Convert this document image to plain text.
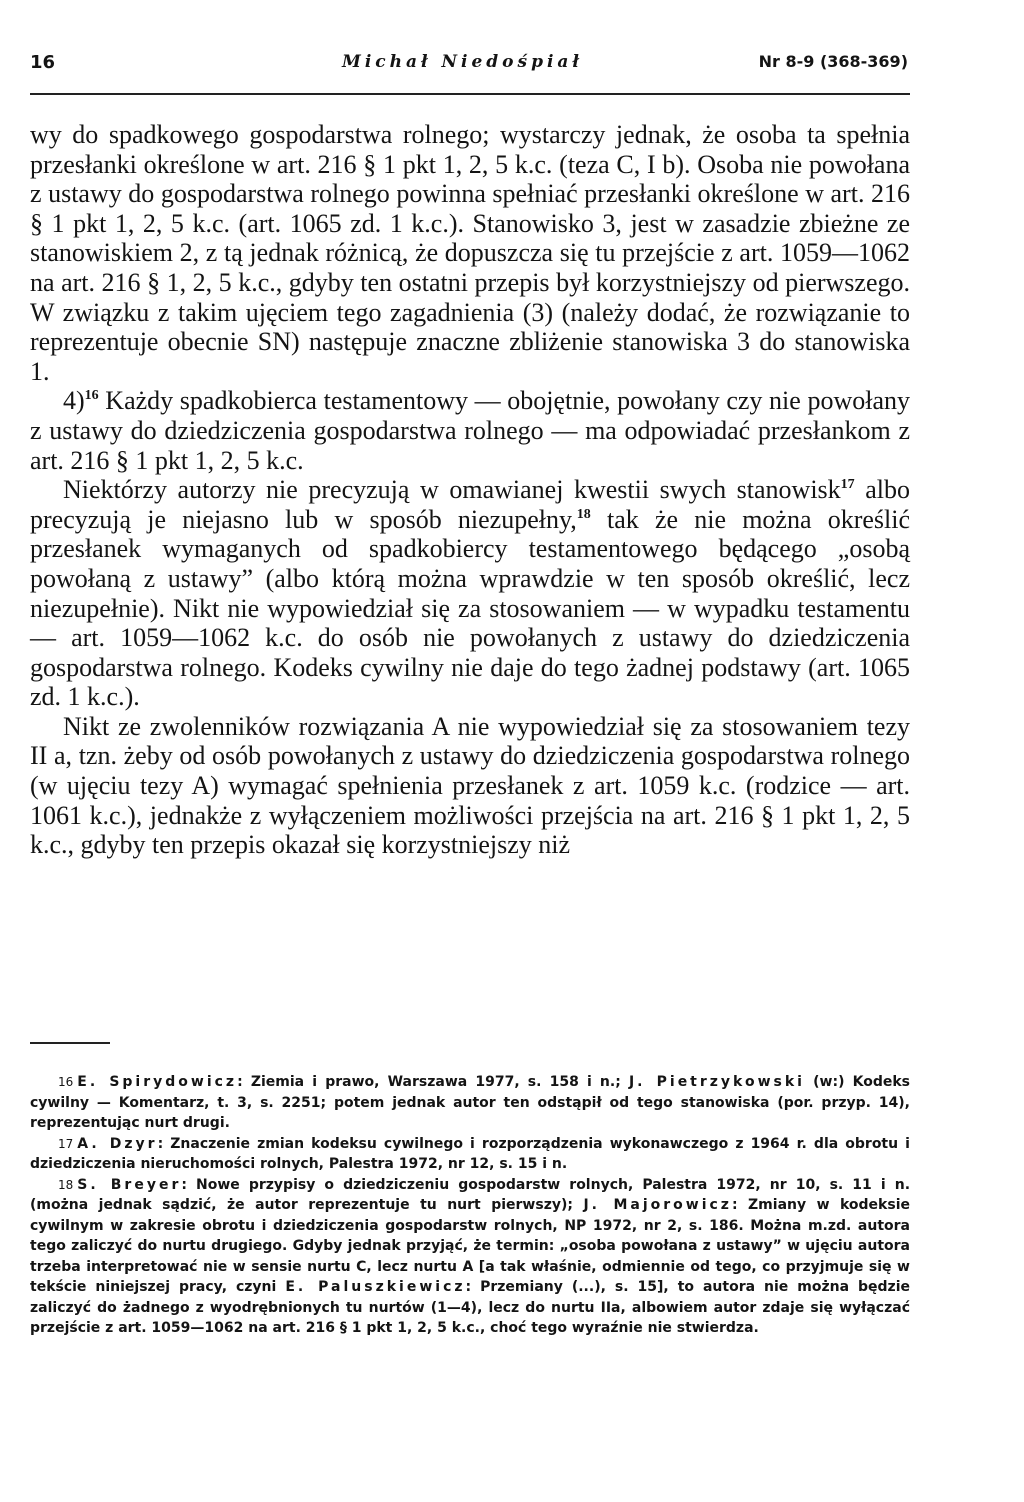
16	Michał Niedośpiał	Nr 8-9 (368-369)

wy do spadkowego gospodarstwa rolnego; wystarczy jednak, że osoba ta spełnia przesłanki określone w art. 216 § 1 pkt 1, 2, 5 k.c. (teza C, I b). Osoba nie powołana z ustawy do gospodarstwa rolnego powinna spełniać przesłanki określone w art. 216 § 1 pkt 1, 2, 5 k.c. (art. 1065 zd. 1 k.c.). Stanowisko 3, jest w zasadzie zbieżne ze stanowiskiem 2, z tą jednak różnicą, że dopuszcza się tu przejście z art. 1059—1062 na art. 216 § 1, 2, 5 k.c., gdyby ten ostatni przepis był korzystniejszy od pierwszego. W związku z takim ujęciem tego zagadnienia (3) (należy dodać, że rozwiązanie to reprezentuje obecnie SN) następuje znaczne zbliżenie stanowiska 3 do stanowiska 1.

4)$^{16}$ Każdy spadkobierca testamentowy — obojętnie, powołany czy nie powołany z ustawy do dziedziczenia gospodarstwa rolnego — ma odpowiadać przesłankom z art. 216 § 1 pkt 1, 2, 5 k.c.

Niektórzy autorzy nie precyzują w omawianej kwestii swych stanowisk$^{17}$ albo precyzują je niejasno lub w sposób niezupełny,$^{18}$ tak że nie można określić przesłanek wymaganych od spadkobiercy testamentowego będącego „osobą powołaną z ustawy” (albo którą można wprawdzie w ten sposób określić, lecz niezupełnie). Nikt nie wypowiedział się za stosowaniem — w wypadku testamentu — art. 1059—1062 k.c. do osób nie powołanych z ustawy do dziedziczenia gospodarstwa rolnego. Kodeks cywilny nie daje do tego żadnej podstawy (art. 1065 zd. 1 k.c.).

Nikt ze zwolenników rozwiązania A nie wypowiedział się za stosowaniem tezy II a, tzn. żeby od osób powołanych z ustawy do dziedziczenia gospodarstwa rolnego (w ujęciu tezy A) wymagać spełnienia przesłanek z art. 1059 k.c. (rodzice — art. 1061 k.c.), jednakże z wyłączeniem możliwości przejścia na art. 216 § 1 pkt 1, 2, 5 k.c., gdyby ten przepis okazał się korzystniejszy niż

16 E. Spirydowicz: Ziemia i prawo, Warszawa 1977, s. 158 i n.; J. Pietrzykowski (w:) Kodeks cywilny — Komentarz, t. 3, s. 2251; potem jednak autor ten odstąpił od tego stanowiska (por. przyp. 14), reprezentując nurt drugi.

17 A. Dzyr: Znaczenie zmian kodeksu cywilnego i rozporządzenia wykonawczego z 1964 r. dla obrotu i dziedziczenia nieruchomości rolnych, Palestra 1972, nr 12, s. 15 i n.

18 S. Breyer: Nowe przypisy o dziedziczeniu gospodarstw rolnych, Palestra 1972, nr 10, s. 11 i n. (można jednak sądzić, że autor reprezentuje tu nurt pierwszy); J. Majorowicz: Zmiany w kodeksie cywilnym w zakresie obrotu i dziedziczenia gospodarstw rolnych, NP 1972, nr 2, s. 186. Można m.zd. autora tego zaliczyć do nurtu drugiego. Gdyby jednak przyjąć, że termin: „osoba powołana z ustawy” w ujęciu autora trzeba interpretować nie w sensie nurtu C, lecz nurtu A [a tak właśnie, odmiennie od tego, co przyjmuje się w tekście niniejszej pracy, czyni E. Paluszkiewicz: Przemiany (...), s. 15], to autora nie można będzie zaliczyć do żadnego z wyodrębnionych tu nurtów (1—4), lecz do nurtu IIa, albowiem autor zdaje się wyłączać przejście z art. 1059—1062 na art. 216 § 1 pkt 1, 2, 5 k.c., choć tego wyraźnie nie stwierdza.
